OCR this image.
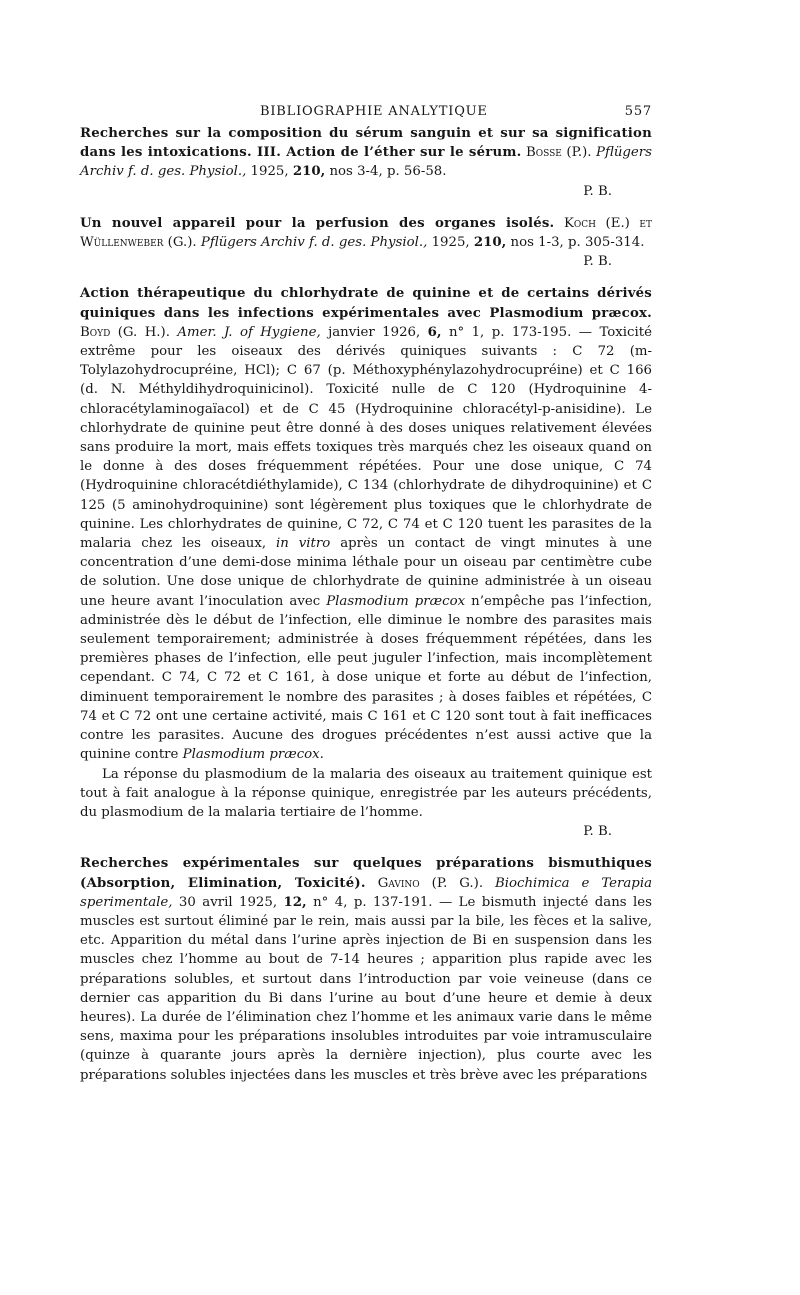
BIBLIOGRAPHIE ANALYTIQUE	557

Recherches sur la composition du sérum sanguin et sur sa signification dans les intoxications. III. Action de l’éther sur le sérum. Bosse (P.). Pflügers Archiv f. d. ges. Physiol., 1925, 210, nos 3-4, p. 56-58.

P. B.

Un nouvel appareil pour la perfusion des organes isolés. Koch (E.) et Wüllenweber (G.). Pflügers Archiv f. d. ges. Physiol., 1925, 210, nos 1-3, p. 305-314.

P. B.

Action thérapeutique du chlorhydrate de quinine et de certains dérivés quiniques dans les infections expérimentales avec Plasmodium præcox. Boyd (G. H.). Amer. J. of Hygiene, janvier 1926, 6, n° 1, p. 173-195. — Toxicité extrême pour les oiseaux des dérivés quiniques suivants : C 72 (m-Tolylazohydrocupréine, HCl); C 67 (p. Méthoxyphénylazohydrocupréine) et C 166 (d. N. Méthyldihydroquinicinol). Toxicité nulle de C 120 (Hydroquinine 4-chloracétylaminogaïacol) et de C 45 (Hydroquinine chloracétyl-p-anisidine). Le chlorhydrate de quinine peut être donné à des doses uniques relativement élevées sans produire la mort, mais effets toxiques très marqués chez les oiseaux quand on le donne à des doses fréquemment répétées. Pour une dose unique, C 74 (Hydroquinine chloracétdiéthylamide), C 134 (chlorhydrate de dihydroquinine) et C 125 (5 aminohydroquinine) sont légèrement plus toxiques que le chlorhydrate de quinine. Les chlorhydrates de quinine, C 72, C 74 et C 120 tuent les parasites de la malaria chez les oiseaux, in vitro après un contact de vingt minutes à une concentration d’une demi-dose minima léthale pour un oiseau par centimètre cube de solution. Une dose unique de chlorhydrate de quinine administrée à un oiseau une heure avant l’inoculation avec Plasmodium præcox n’empêche pas l’infection, administrée dès le début de l’infection, elle diminue le nombre des parasites mais seulement temporairement; administrée à doses fréquemment répétées, dans les premières phases de l’infection, elle peut juguler l’infection, mais incomplètement cependant. C 74, C 72 et C 161, à dose unique et forte au début de l’infection, diminuent temporairement le nombre des parasites ; à doses faibles et répétées, C 74 et C 72 ont une certaine activité, mais C 161 et C 120 sont tout à fait inefficaces contre les parasites. Aucune des drogues précédentes n’est aussi active que la quinine contre Plasmodium præcox.

La réponse du plasmodium de la malaria des oiseaux au traitement quinique est tout à fait analogue à la réponse quinique, enregistrée par les auteurs précédents, du plasmodium de la malaria tertiaire de l’homme.

P. B.

Recherches expérimentales sur quelques préparations bismuthiques (Absorption, Elimination, Toxicité). Gavino (P. G.). Biochimica e Terapia sperimentale, 30 avril 1925, 12, n° 4, p. 137-191. — Le bismuth injecté dans les muscles est surtout éliminé par le rein, mais aussi par la bile, les fèces et la salive, etc. Apparition du métal dans l’urine après injection de Bi en suspension dans les muscles chez l’homme au bout de 7-14 heures ; apparition plus rapide avec les préparations solubles, et surtout dans l’introduction par voie veineuse (dans ce dernier cas apparition du Bi dans l’urine au bout d’une heure et demie à deux heures). La durée de l’élimination chez l’homme et les animaux varie dans le même sens, maxima pour les préparations insolubles introduites par voie intramusculaire (quinze à quarante jours après la dernière injection), plus courte avec les préparations solubles injectées dans les muscles et très brève avec les préparations
